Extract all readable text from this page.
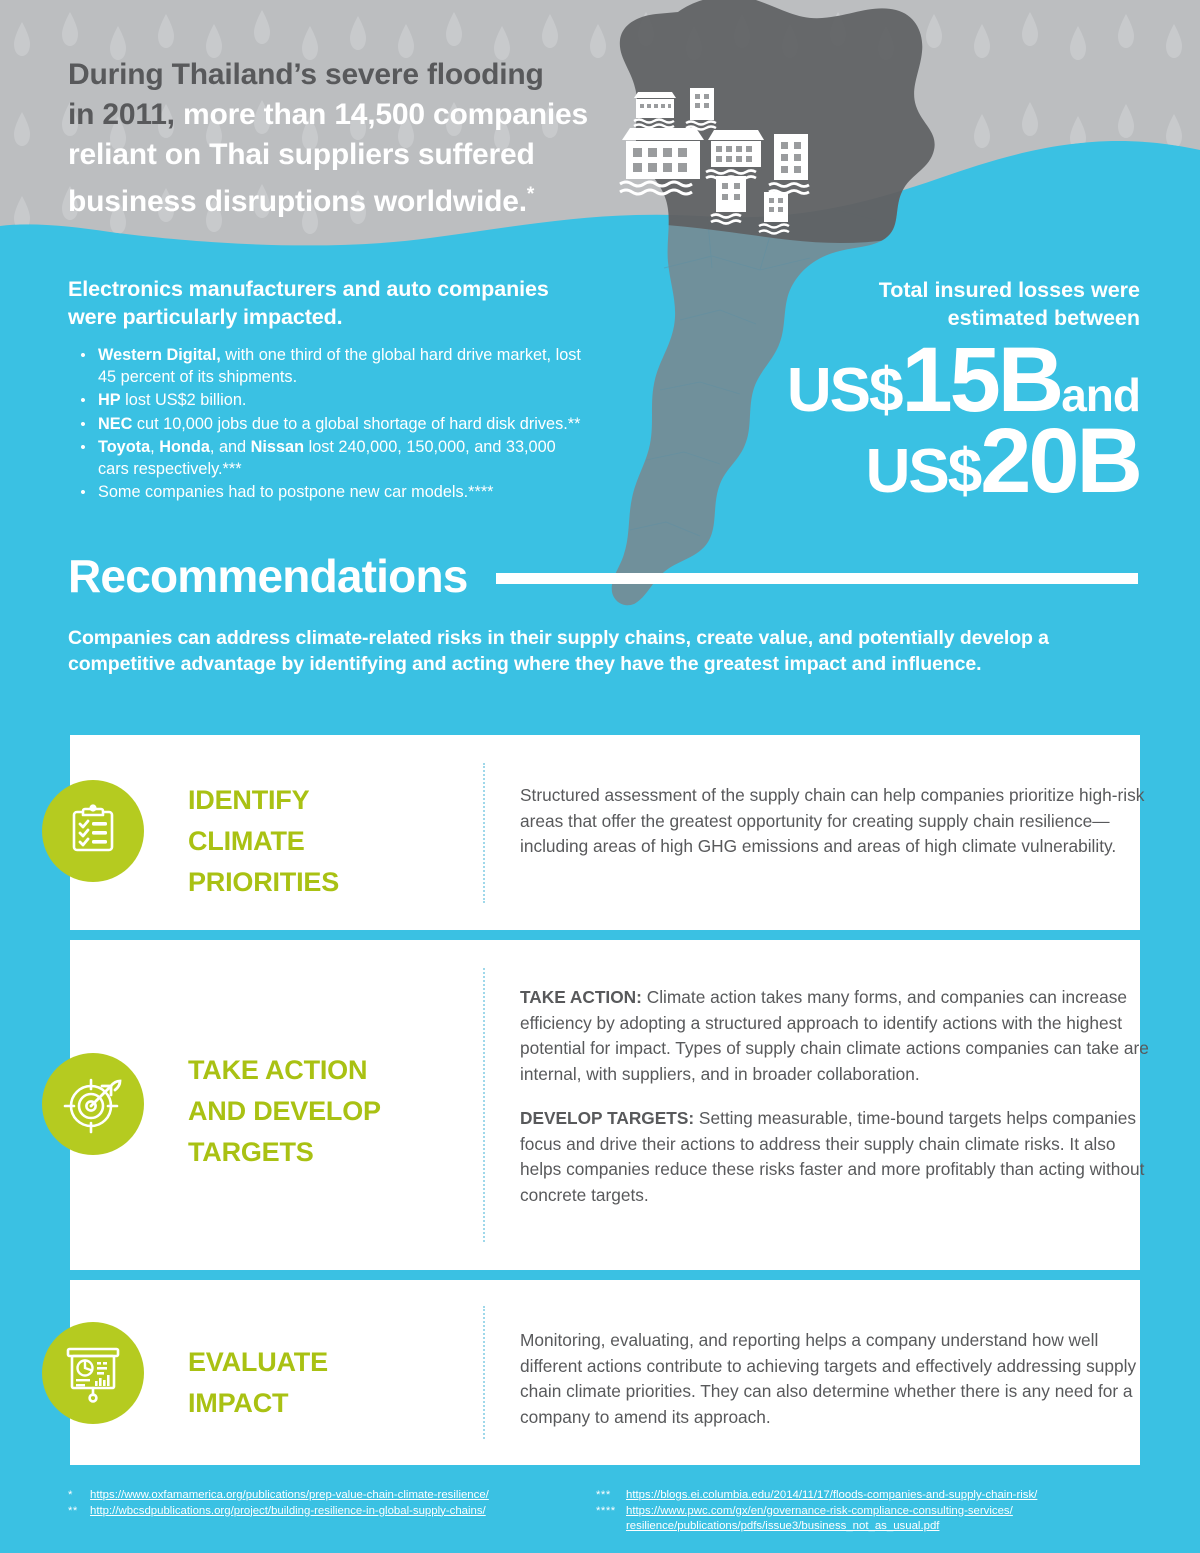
During Thailand’s severe flooding
in 2011, more than 14,500 companies
reliant on Thai suppliers suffered
business disruptions worldwide.*
Electronics manufacturers and auto companies
were particularly impacted.
• Western Digital, with one third of the global hard drive market, lost 45 percent of its shipments.
• HP lost US$2 billion.
• NEC cut 10,000 jobs due to a global shortage of hard disk drives.**
• Toyota, Honda, and Nissan lost 240,000, 150,000, and 33,000 cars respectively.***
• Some companies had to postpone new car models.****
Total insured losses were
estimated between
US$15Band
US$20B
Recommendations
Companies can address climate-related risks in their supply chains, create value, and potentially develop a competitive advantage by identifying and acting where they have the greatest impact and influence.
IDENTIFY CLIMATE PRIORITIES

Structured assessment of the supply chain can help companies prioritize high-risk areas that offer the greatest opportunity for creating supply chain resilience—including areas of high GHG emissions and areas of high climate vulnerability.

TAKE ACTION AND DEVELOP TARGETS

TAKE ACTION: Climate action takes many forms, and companies can increase efficiency by adopting a structured approach to identify actions with the highest potential for impact. Types of supply chain climate actions companies can take are internal, with suppliers, and in broader collaboration.

DEVELOP TARGETS: Setting measurable, time-bound targets helps companies focus and drive their actions to address their supply chain climate risks. It also helps companies reduce these risks faster and more profitably than acting without concrete targets.

EVALUATE IMPACT

Monitoring, evaluating, and reporting helps a company understand how well different actions contribute to achieving targets and effectively addressing supply chain climate priorities. They can also determine whether there is any need for a company to amend its approach.

*	https://www.oxfamamerica.org/publications/prep-value-chain-climate-resilience/
**	http://wbcsdpublications.org/project/building-resilience-in-global-supply-chains/
***	https://blogs.ei.columbia.edu/2014/11/17/floods-companies-and-supply-chain-risk/
**** https://www.pwc.com/gx/en/governance-risk-compliance-consulting-services/
resilience/publications/pdfs/issue3/business_not_as_usual.pdf
